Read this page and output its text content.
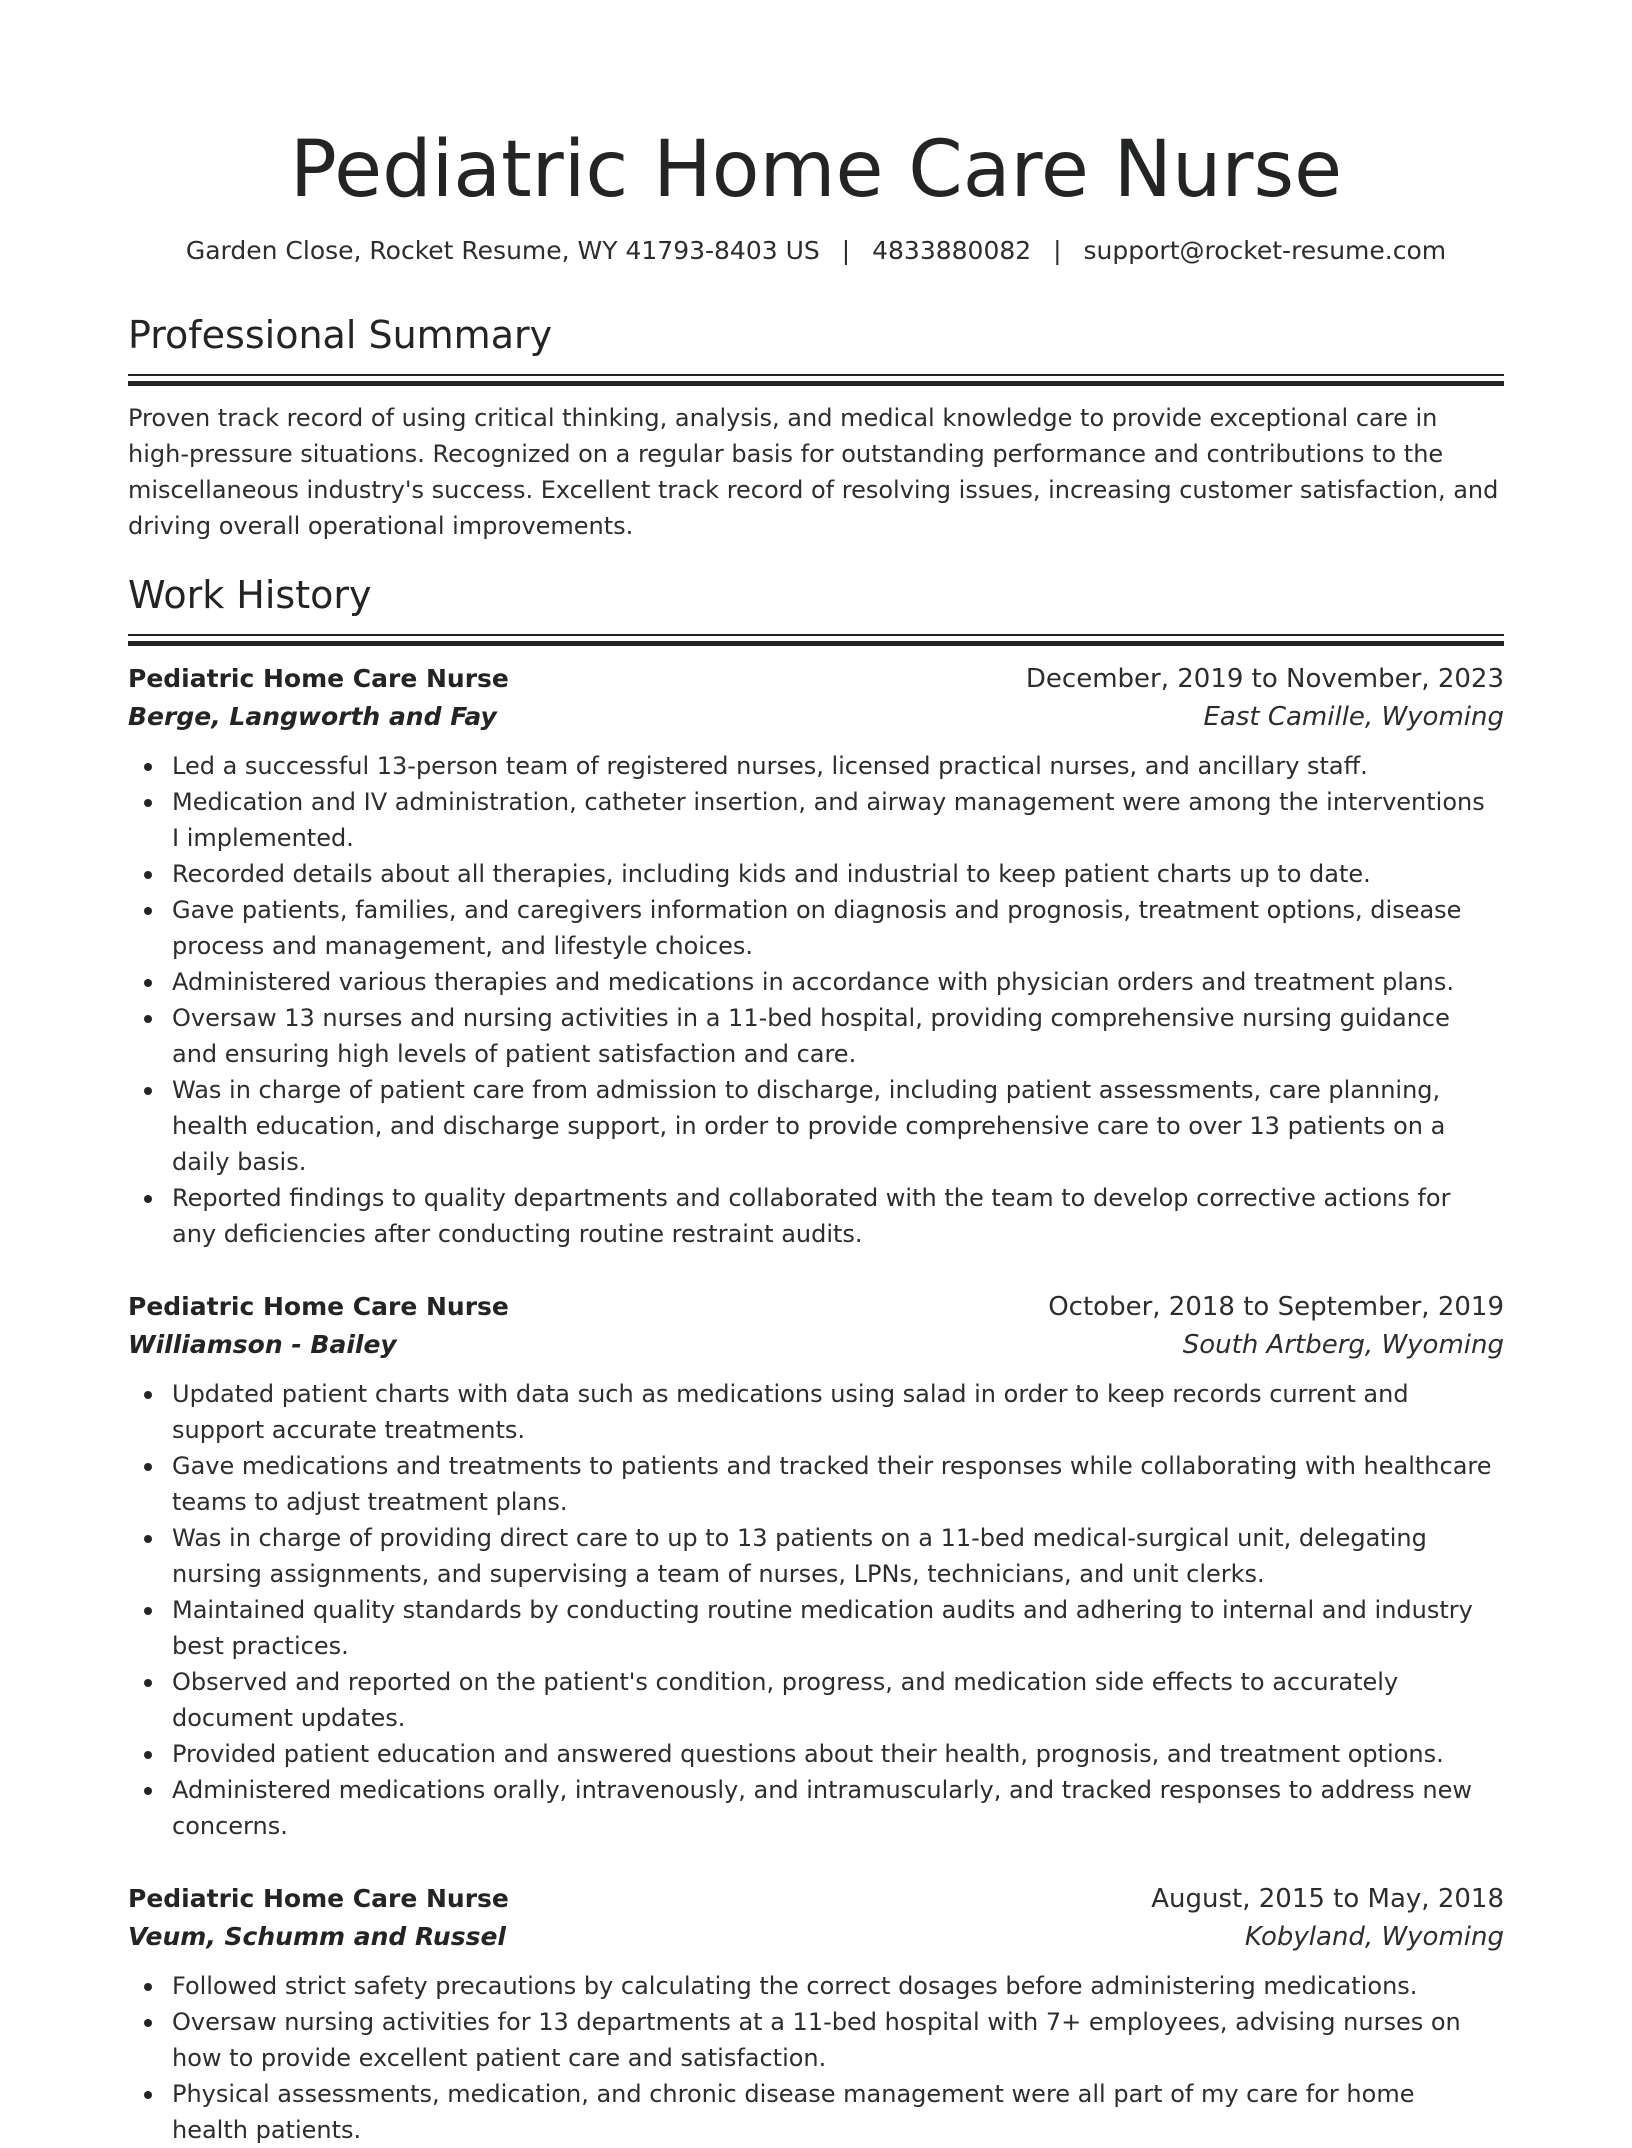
Pediatric Home Care Nurse
Garden Close, Rocket Resume, WY 41793-8403 US | 4833880082 | support@rocket-resume.com
Professional Summary

Proven track record of using critical thinking, analysis, and medical knowledge to provide exceptional care in high-pressure situations. Recognized on a regular basis for outstanding performance and contributions to the miscellaneous industry's success. Excellent track record of resolving issues, increasing customer satisfaction, and driving overall operational improvements.

Work History
Pediatric Home Care Nurse	December, 2019 to November, 2023
Berge, Langworth and Fay	East Camille, Wyoming
Led a successful 13-person team of registered nurses, licensed practical nurses, and ancillary staff.
Medication and IV administration, catheter insertion, and airway management were among the interventions I implemented.
Recorded details about all therapies, including kids and industrial to keep patient charts up to date.
Gave patients, families, and caregivers information on diagnosis and prognosis, treatment options, disease process and management, and lifestyle choices.
Administered various therapies and medications in accordance with physician orders and treatment plans.
Oversaw 13 nurses and nursing activities in a 11-bed hospital, providing comprehensive nursing guidance and ensuring high levels of patient satisfaction and care.
Was in charge of patient care from admission to discharge, including patient assessments, care planning, health education, and discharge support, in order to provide comprehensive care to over 13 patients on a daily basis.
Reported findings to quality departments and collaborated with the team to develop corrective actions for any deficiencies after conducting routine restraint audits.
Pediatric Home Care Nurse	October, 2018 to September, 2019
Williamson - Bailey	South Artberg, Wyoming
Updated patient charts with data such as medications using salad in order to keep records current and support accurate treatments.
Gave medications and treatments to patients and tracked their responses while collaborating with healthcare teams to adjust treatment plans.
Was in charge of providing direct care to up to 13 patients on a 11-bed medical-surgical unit, delegating nursing assignments, and supervising a team of nurses, LPNs, technicians, and unit clerks.
Maintained quality standards by conducting routine medication audits and adhering to internal and industry best practices.
Observed and reported on the patient's condition, progress, and medication side effects to accurately document updates.
Provided patient education and answered questions about their health, prognosis, and treatment options.
Administered medications orally, intravenously, and intramuscularly, and tracked responses to address new concerns.
Pediatric Home Care Nurse	August, 2015 to May, 2018
Veum, Schumm and Russel	Kobyland, Wyoming
Followed strict safety precautions by calculating the correct dosages before administering medications.
Oversaw nursing activities for 13 departments at a 11-bed hospital with 7+ employees, advising nurses on how to provide excellent patient care and satisfaction.
Physical assessments, medication, and chronic disease management were all part of my care for home health patients.
